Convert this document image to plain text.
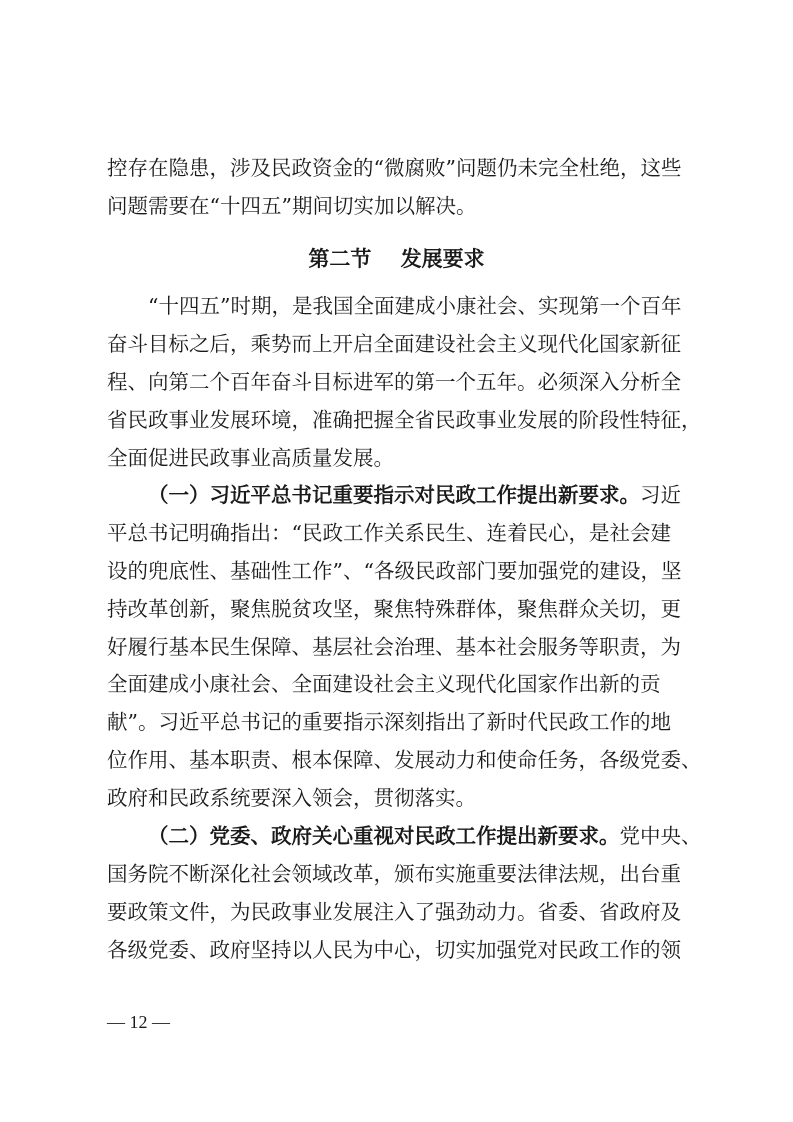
控存在隐患，涉及民政资金的“微腐败”问题仍未完全杜绝，这些
问题需要在“十四五”期间切实加以解决。
“十四五”时期，是我国全面建成小康社会、实现第一个百年
奋斗目标之后，乘势而上开启全面建设社会主义现代化国家新征
程、向第二个百年奋斗目标进军的第一个五年。必须深入分析全
省民政事业发展环境，准确把握全省民政事业发展的阶段性特征，
全面促进民政事业高质量发展。
（一）习近平总书记重要指示对民政工作提出新要求。习近
平总书记明确指出：“民政工作关系民生、连着民心，是社会建
设的兜底性、基础性工作”、“各级民政部门要加强党的建设，坚
持改革创新，聚焦脱贫攻坚，聚焦特殊群体，聚焦群众关切，更
好履行基本民生保障、基层社会治理、基本社会服务等职责，为
全面建成小康社会、全面建设社会主义现代化国家作出新的贡
献”。习近平总书记的重要指示深刻指出了新时代民政工作的地
位作用、基本职责、根本保障、发展动力和使命任务，各级党委、
政府和民政系统要深入领会，贯彻落实。
（二）党委、政府关心重视对民政工作提出新要求。党中央、
国务院不断深化社会领域改革，颁布实施重要法律法规，出台重
要政策文件，为民政事业发展注入了强劲动力。省委、省政府及
各级党委、政府坚持以人民为中心，切实加强党对民政工作的领
第二节    发展要求
— 12 —
